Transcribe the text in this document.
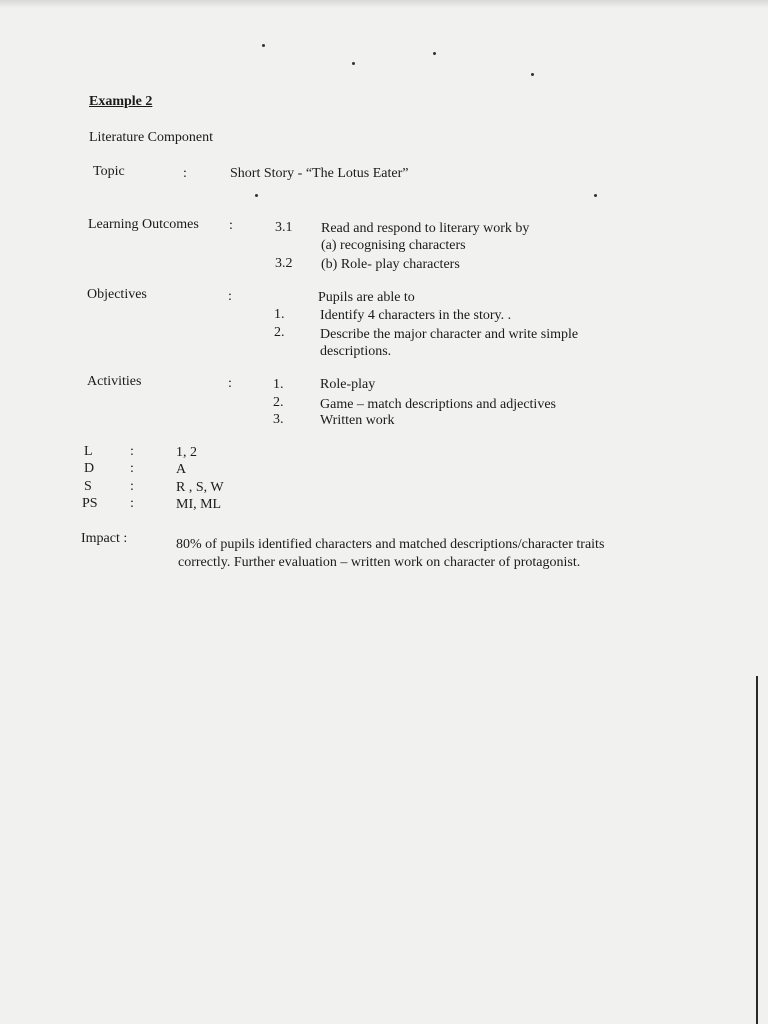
Example 2
Literature Component
Topic	:	Short Story - “The Lotus Eater”
Learning Outcomes :	3.1 Read and respond to literary work by
(a) recognising characters
3.2 (b) Role- play characters
Objectives	:	Pupils are able to
1.	Identify 4 characters in the story. .
2.	Describe the major character and write simple
descriptions.
Activities	:	1.	Role-play
2.	Game – match descriptions and adjectives
3.	Written work
L	:	1, 2
D	:	A
S	:	R , S, W
PS :	MI, ML
Impact :	80% of pupils identified characters and matched descriptions/character traits
correctly. Further evaluation – written work on character of protagonist.
